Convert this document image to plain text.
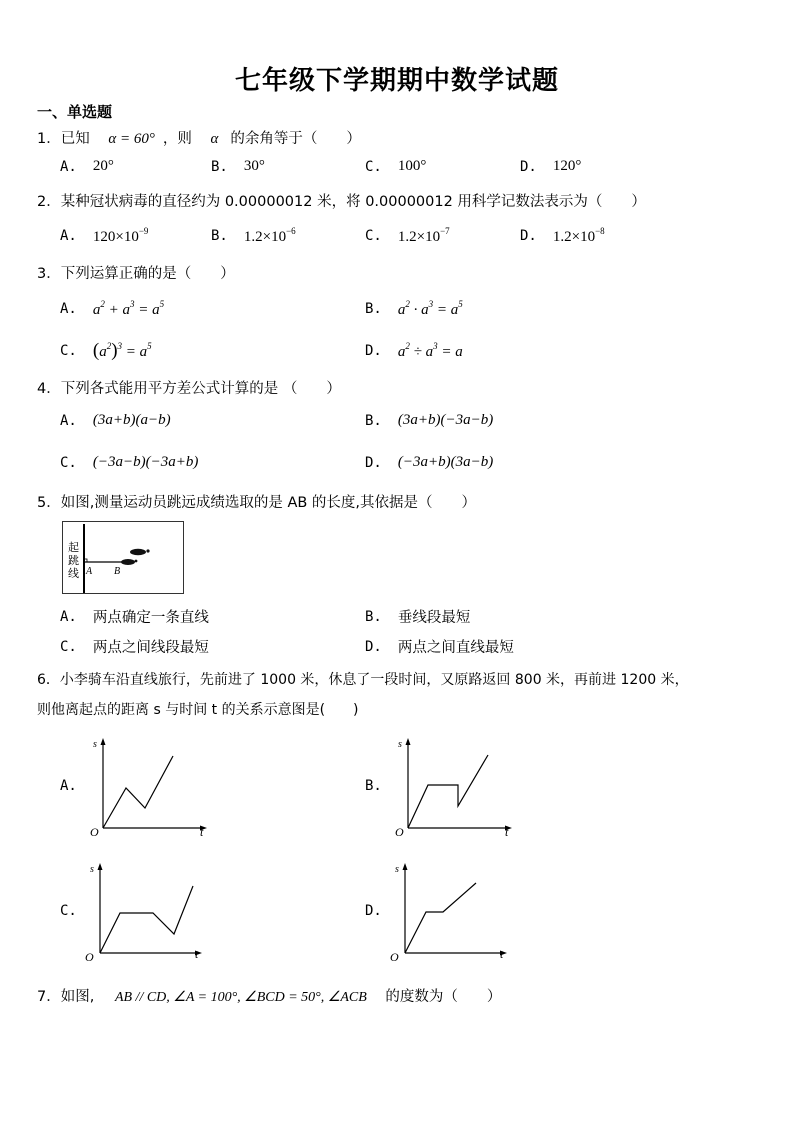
七年级下学期期中数学试题
一、单选题
1．已知 α = 60° ，则 α 的余角等于（　　）
A. 20°	B. 30°	C. 100°	D. 120°
2．某种冠状病毒的直径约为 0.00000012 米，将 0.00000012 用科学记数法表示为（　　）
A. $120\times 10^{-9}$	B. $1.2\times 10^{-6}$	C. $1.2\times 10^{-7}$	D. $1.2\times 10^{-8}$
3．下列运算正确的是（　　）
A. $a^2 + a^3 = a^5$	B. $a^2 \cdot a^3 = a^5$
C. $(a^2)^3 = a^5$	D. $a^2 \div a^3 = a$
4．下列各式能用平方差公式计算的是 （　　）
A. (3a+b)(a−b)	B. (3a+b)(−3a−b)
C. (−3a−b)(−3a+b)	D. (−3a+b)(3a−b)
5．如图,测量运动员跳远成绩选取的是 AB 的长度,其依据是（　　）
起
跳
线 A B
A. 两点确定一条直线	B. 垂线段最短
C. 两点之间线段最短	D. 两点之间直线最短
6．小李骑车沿直线旅行，先前进了 1000 米，休息了一段时间，又原路返回 800 米，再前进 1200 米，
则他离起点的距离 s 与时间 t 的关系示意图是(　　)
A.
s
t
O
B.
s
t
O
C.
s
t
O
D.
s
t
O
7．如图, AB // CD, ∠A = 100°, ∠BCD = 50°, ∠ACB 的度数为（　　）
